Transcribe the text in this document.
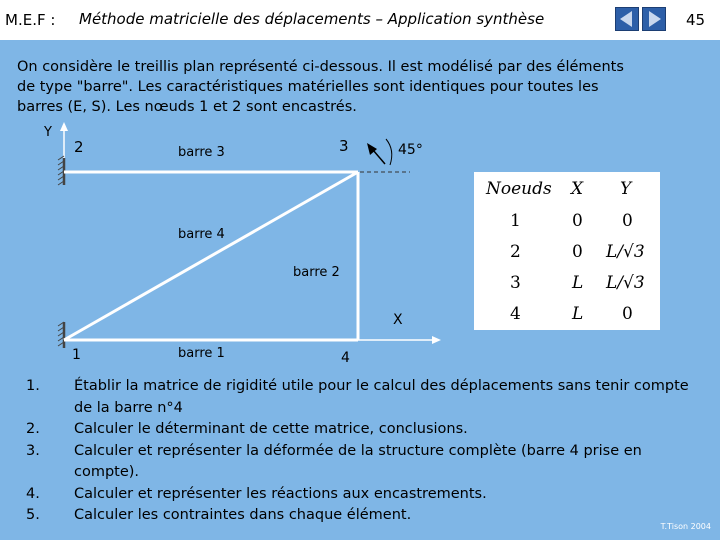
M.E.F : Méthode matricielle des déplacements – Application synthèse	45

On considère le treillis plan représenté ci-dessous. Il est modélisé par des éléments

de type "barre". Les caractéristiques matérielles sont identiques pour toutes les

barres (E, S). Les nœuds 1 et 2 sont encastrés.

Y
2	barre 3	3	45°
barre 4
barre 2
X
1	barre 1	4
Noeuds X Y
1	0 0
2	0 L/√3
3	L L/√3
4	L 0
1.	Établir la matrice de rigidité utile pour le calcul des déplacements sans tenir compte de la barre n°4
2.	Calculer le déterminant de cette matrice, conclusions.
3.	Calculer et représenter la déformée de la structure complète (barre 4 prise en compte).
4.	Calculer et représenter les réactions aux encastrements.
5.	Calculer les contraintes dans chaque élément.
T.Tison 2004
